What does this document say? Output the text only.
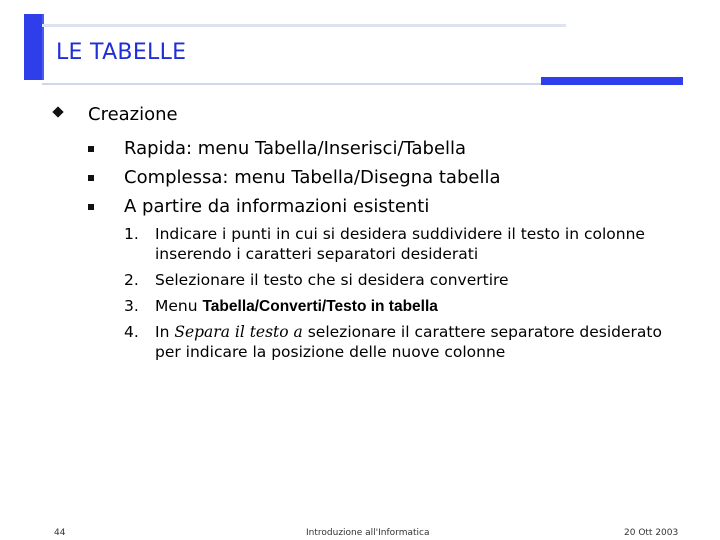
LE TABELLE
Creazione
Rapida: menu Tabella/Inserisci/Tabella
Complessa: menu Tabella/Disegna tabella
A partire da informazioni esistenti
1. Indicare i punti in cui si desidera suddividere il testo in colonne inserendo i caratteri separatori desiderati
2. Selezionare il testo che si desidera convertire
3. Menu Tabella/Converti/Testo in tabella
4. In Separa il testo a selezionare il carattere separatore desiderato per indicare la posizione delle nuove colonne
44	Introduzione all'Informatica	20 Ott 2003
